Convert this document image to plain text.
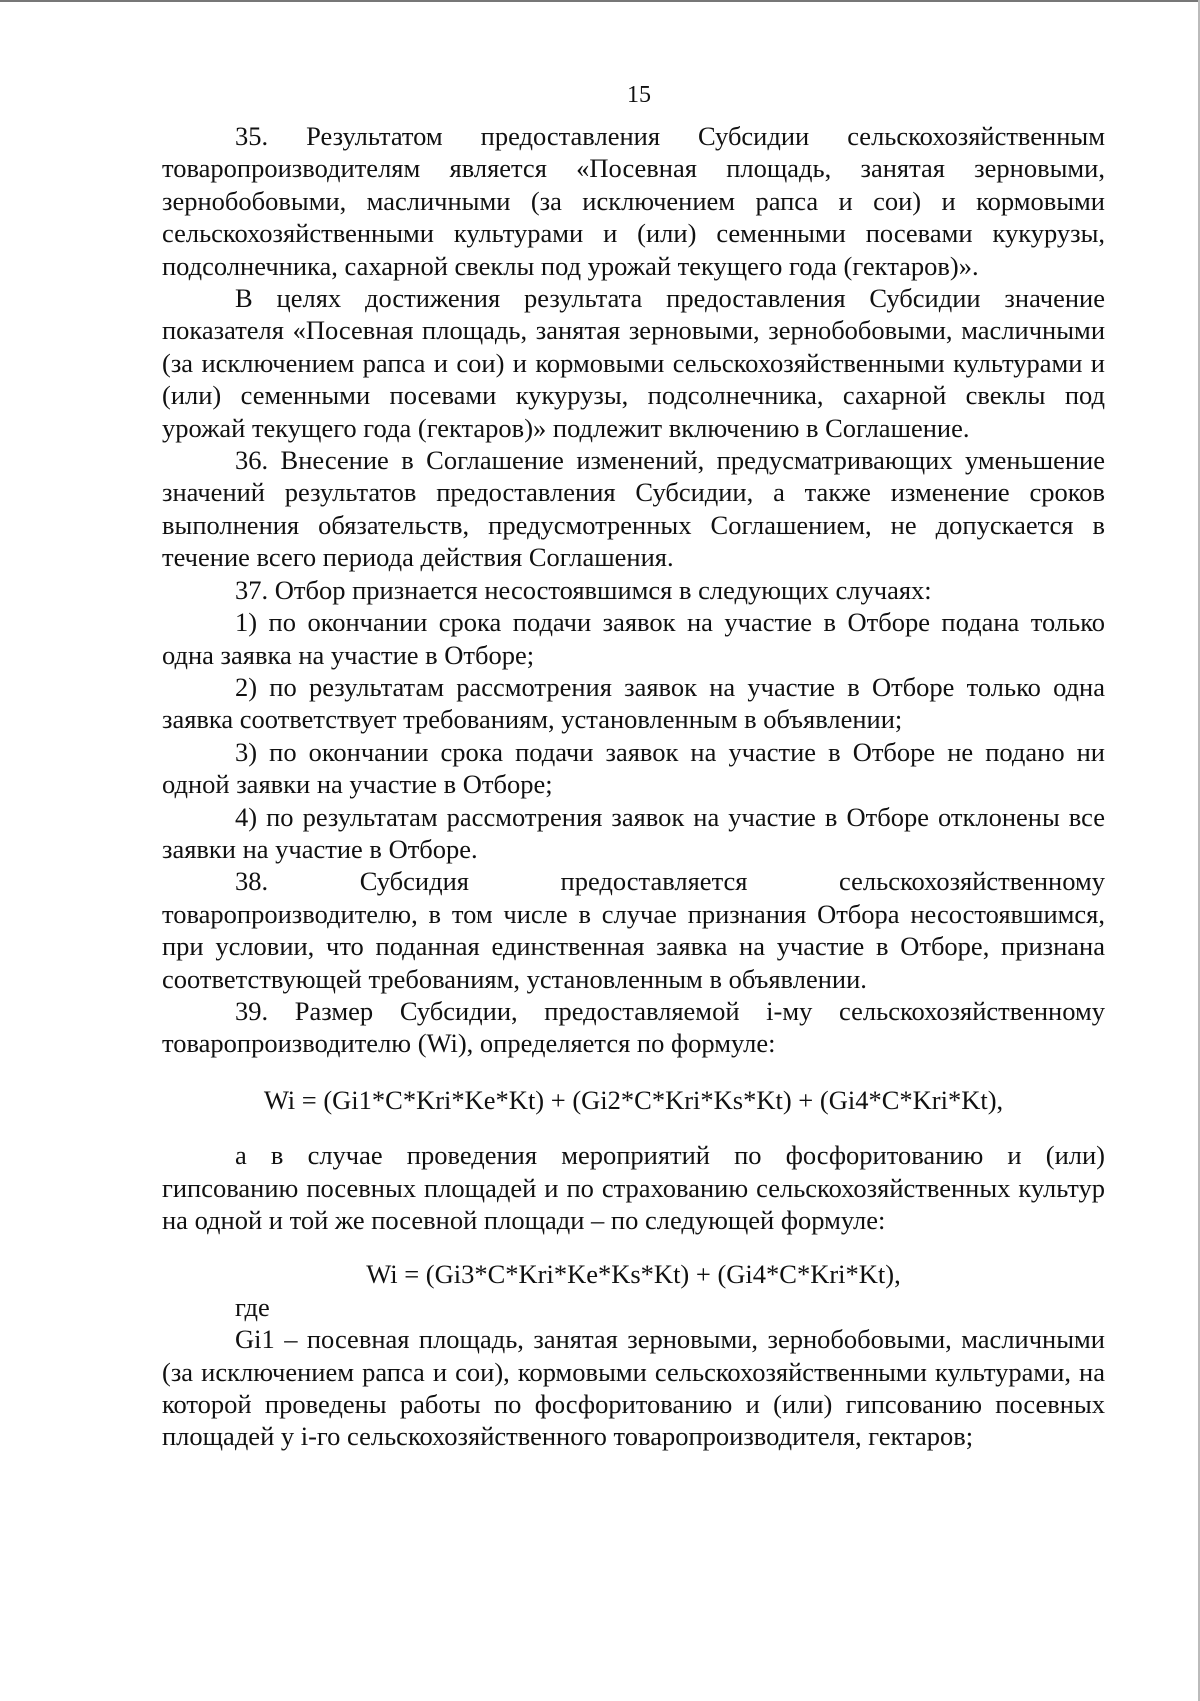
15

35. Результатом предоставления Субсидии сельскохозяйственным товаропроизводителям является «Посевная площадь, занятая зерновыми, зернобобовыми, масличными (за исключением рапса и сои) и кормовыми сельскохозяйственными культурами и (или) семенными посевами кукурузы, подсолнечника, сахарной свеклы под урожай текущего года (гектаров)».

В целях достижения результата предоставления Субсидии значение показателя «Посевная площадь, занятая зерновыми, зернобобовыми, масличными (за исключением рапса и сои) и кормовыми сельскохозяйственными культурами и (или) семенными посевами кукурузы, подсолнечника, сахарной свеклы под урожай текущего года (гектаров)» подлежит включению в Соглашение.

36. Внесение в Соглашение изменений, предусматривающих уменьшение значений результатов предоставления Субсидии, а также изменение сроков выполнения обязательств, предусмотренных Соглашением, не допускается в течение всего периода действия Соглашения.

37. Отбор признается несостоявшимся в следующих случаях:

1) по окончании срока подачи заявок на участие в Отборе подана только одна заявка на участие в Отборе;

2) по результатам рассмотрения заявок на участие в Отборе только одна заявка соответствует требованиям, установленным в объявлении;

3) по окончании срока подачи заявок на участие в Отборе не подано ни одной заявки на участие в Отборе;

4) по результатам рассмотрения заявок на участие в Отборе отклонены все заявки на участие в Отборе.

38. Субсидия предоставляется сельскохозяйственному товаропроизводителю, в том числе в случае признания Отбора несостоявшимся, при условии, что поданная единственная заявка на участие в Отборе, признана соответствующей требованиям, установленным в объявлении.

39. Размер Субсидии, предоставляемой i-му сельскохозяйственному товаропроизводителю (Wi), определяется по формуле:

Wi = (Gi1*C*Kri*Ke*Kt) + (Gi2*C*Kri*Ks*Kt) + (Gi4*C*Kri*Kt),

а в случае проведения мероприятий по фосфоритованию и (или) гипсованию посевных площадей и по страхованию сельскохозяйственных культур на одной и той же посевной площади – по следующей формуле:

Wi = (Gi3*C*Kri*Ke*Ks*Kt) + (Gi4*C*Kri*Kt),

где

Gi1 – посевная площадь, занятая зерновыми, зернобобовыми, масличными (за исключением рапса и сои), кормовыми сельскохозяйственными культурами, на которой проведены работы по фосфоритованию и (или) гипсованию посевных площадей у i-го сельскохозяйственного товаропроизводителя, гектаров;
